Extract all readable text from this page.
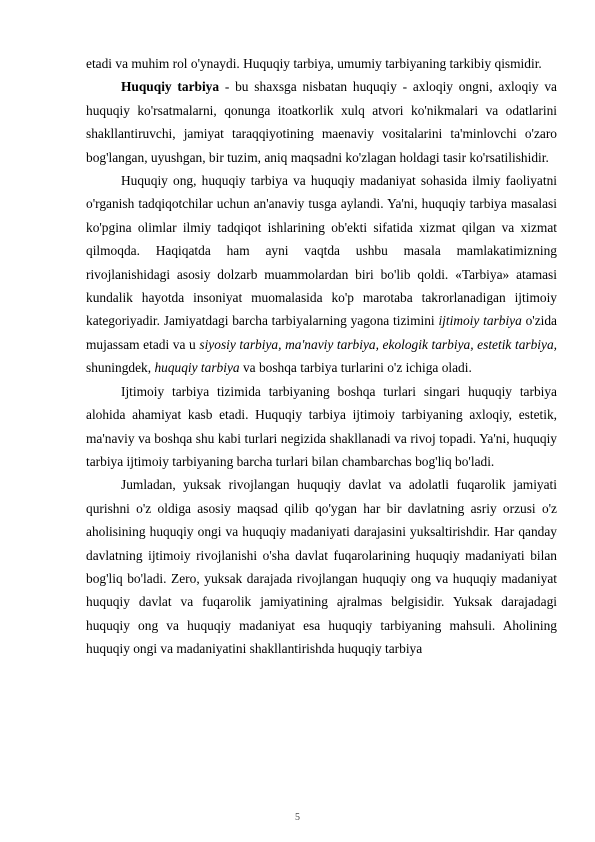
etadi va muhim rol o'ynaydi. Huquqiy tarbiya, umumiy tarbiyaning tarkibiy qismidir.

Huquqiy tarbiya - bu shaxsga nisbatan huquqiy - axloqiy ongni, axloqiy va huquqiy ko'rsatmalarni, qonunga itoatkorlik xulq atvori ko'nikmalari va odatlarini shakllantiruvchi, jamiyat taraqqiyotining maenaviy vositalarini ta'minlovchi o'zaro bog'langan, uyushgan, bir tuzim, aniq maqsadni ko'zlagan holdagi tasir ko'rsatilishidir.

Huquqiy ong, huquqiy tarbiya va huquqiy madaniyat sohasida ilmiy faoliyatni o'rganish tadqiqotchilar uchun an'anaviy tusga aylandi. Ya'ni, huquqiy tarbiya masalasi ko'pgina olimlar ilmiy tadqiqot ishlarining ob'ekti sifatida xizmat qilgan va xizmat qilmoqda. Haqiqatda ham ayni vaqtda ushbu masala mamlakatimizning rivojlanishidagi asosiy dolzarb muammolardan biri bo'lib qoldi. «Tarbiya» atamasi kundalik hayotda insoniyat muomalasida ko'p marotaba takrorlanadigan ijtimoiy kategoriyadir. Jamiyatdagi barcha tarbiyalarning yagona tizimini ijtimoiy tarbiya o'zida mujassam etadi va u siyosiy tarbiya, ma'naviy tarbiya, ekologik tarbiya, estetik tarbiya, shuningdek, huquqiy tarbiya va boshqa tarbiya turlarini o'z ichiga oladi.

Ijtimoiy tarbiya tizimida tarbiyaning boshqa turlari singari huquqiy tarbiya alohida ahamiyat kasb etadi. Huquqiy tarbiya ijtimoiy tarbiyaning axloqiy, estetik, ma'naviy va boshqa shu kabi turlari negizida shakllanadi va rivoj topadi. Ya'ni, huquqiy tarbiya ijtimoiy tarbiyaning barcha turlari bilan chambarchas bog'liq bo'ladi.

Jumladan, yuksak rivojlangan huquqiy davlat va adolatli fuqarolik jamiyati qurishni o'z oldiga asosiy maqsad qilib qo'ygan har bir davlatning asriy orzusi o'z aholisining huquqiy ongi va huquqiy madaniyati darajasini yuksaltirishdir. Har qanday davlatning ijtimoiy rivojlanishi o'sha davlat fuqarolarining huquqiy madaniyati bilan bog'liq bo'ladi. Zero, yuksak darajada rivojlangan huquqiy ong va huquqiy madaniyat huquqiy davlat va fuqarolik jamiyatining ajralmas belgisidir. Yuksak darajadagi huquqiy ong va huquqiy madaniyat esa huquqiy tarbiyaning mahsuli. Aholining huquqiy ongi va madaniyatini shakllantirishda huquqiy tarbiya

5
